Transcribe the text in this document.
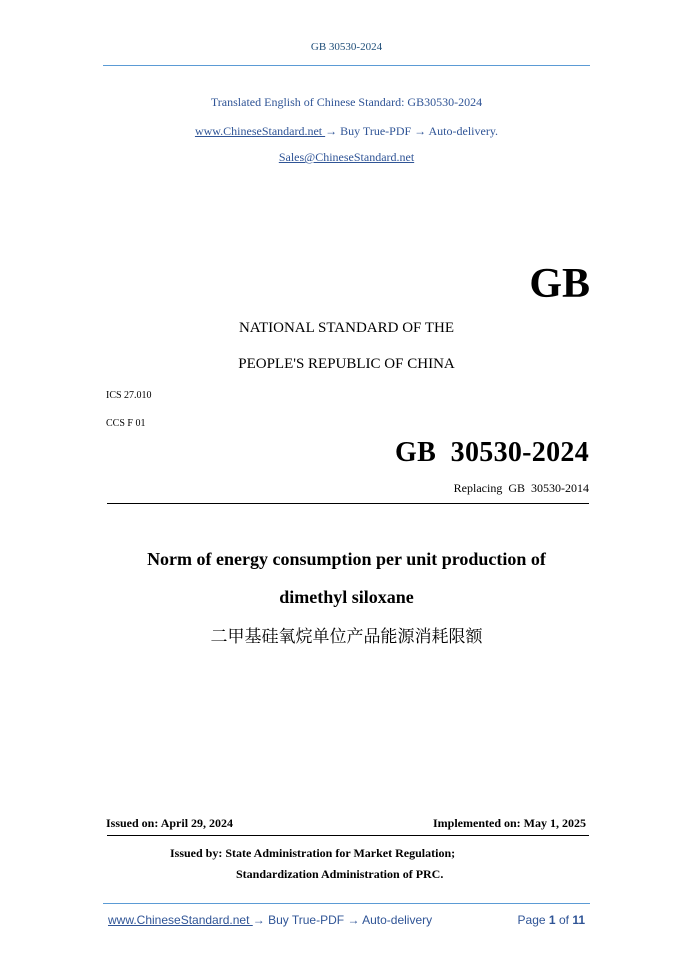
GB 30530-2024
Translated English of Chinese Standard: GB30530-2024
www.ChineseStandard.net → Buy True-PDF → Auto-delivery.
Sales@ChineseStandard.net
GB
NATIONAL STANDARD OF THE
PEOPLE'S REPUBLIC OF CHINA
ICS 27.010
CCS F 01
GB  30530-2024
Replacing  GB  30530-2014
Norm of energy consumption per unit production of
dimethyl siloxane
二甲基硅氧烷单位产品能源消耗限额
Issued on: April 29, 2024	Implemented on: May 1, 2025
Issued by: State Administration for Market Regulation;
Standardization Administration of PRC.
www.ChineseStandard.net → Buy True-PDF → Auto-delivery	Page 1 of 11
